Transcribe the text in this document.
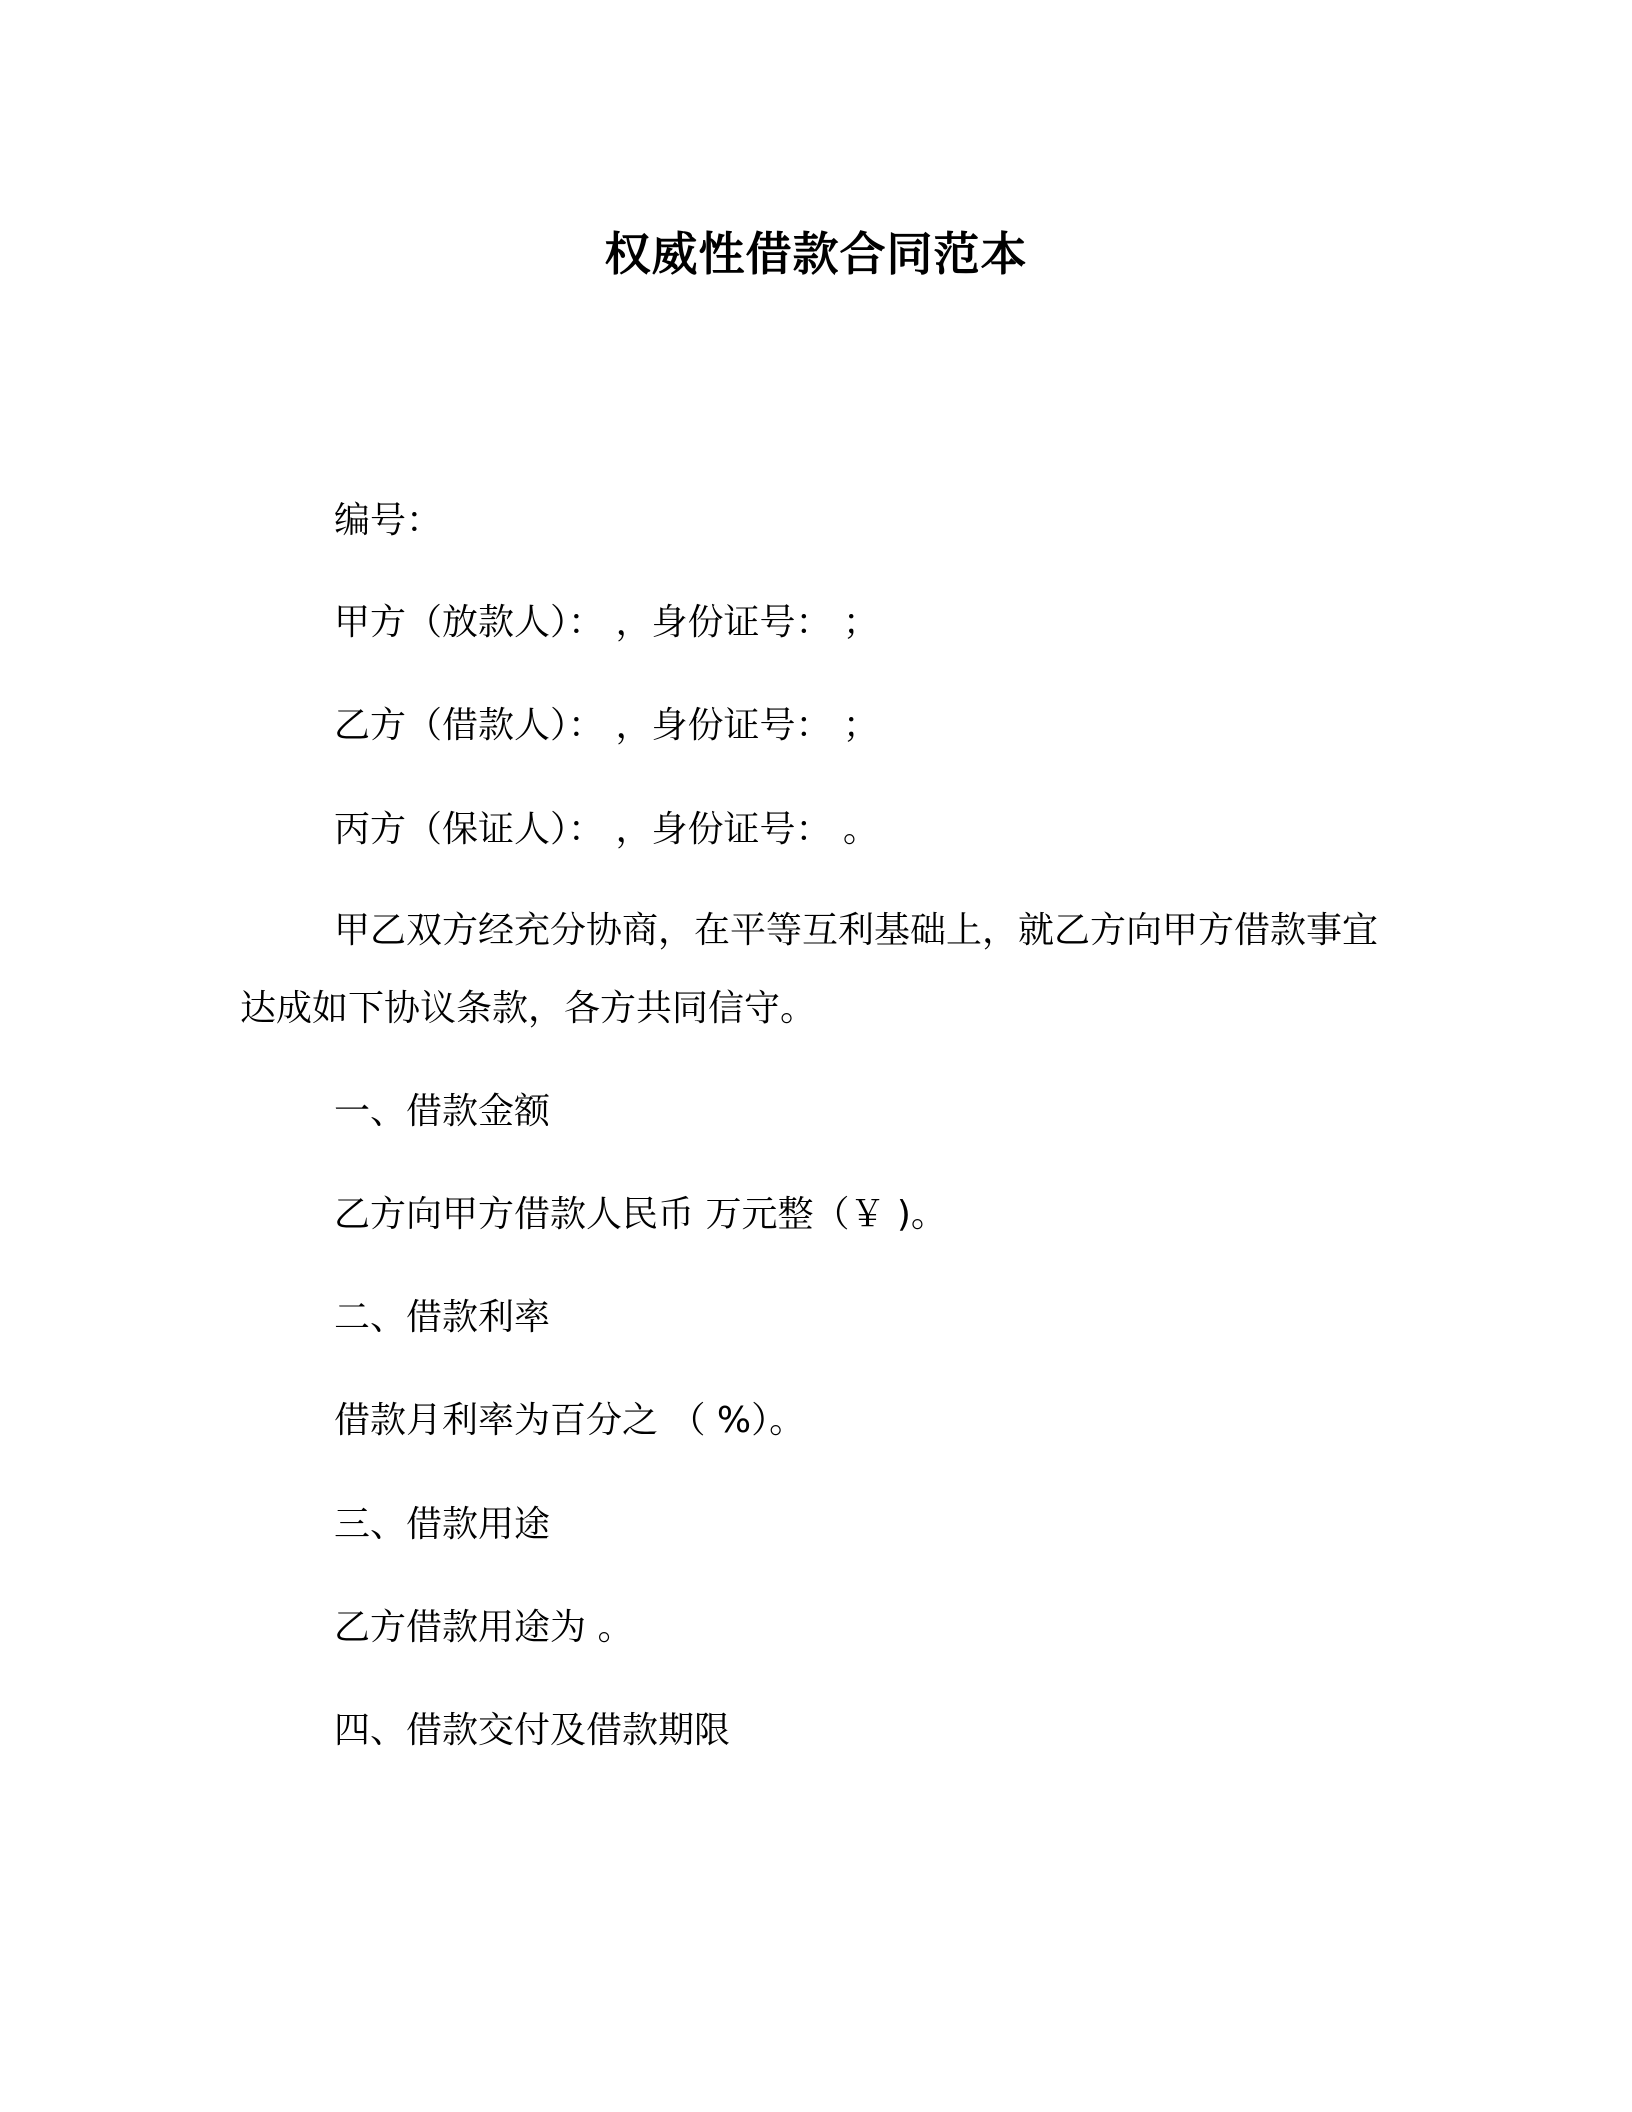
权威性借款合同范本
编号：
甲方（放款人）： ，身份证号： ；
乙方（借款人）： ，身份证号： ；
丙方（保证人）： ，身份证号： 。
甲乙双方经充分协商，在平等互利基础上，就乙方向甲方借款事宜达成如下协议条款，各方共同信守。
一、借款金额
乙方向甲方借款人民币 万元整（￥ )。
二、借款利率
借款月利率为百分之 （ %）。
三、借款用途
乙方借款用途为 。
四、借款交付及借款期限
